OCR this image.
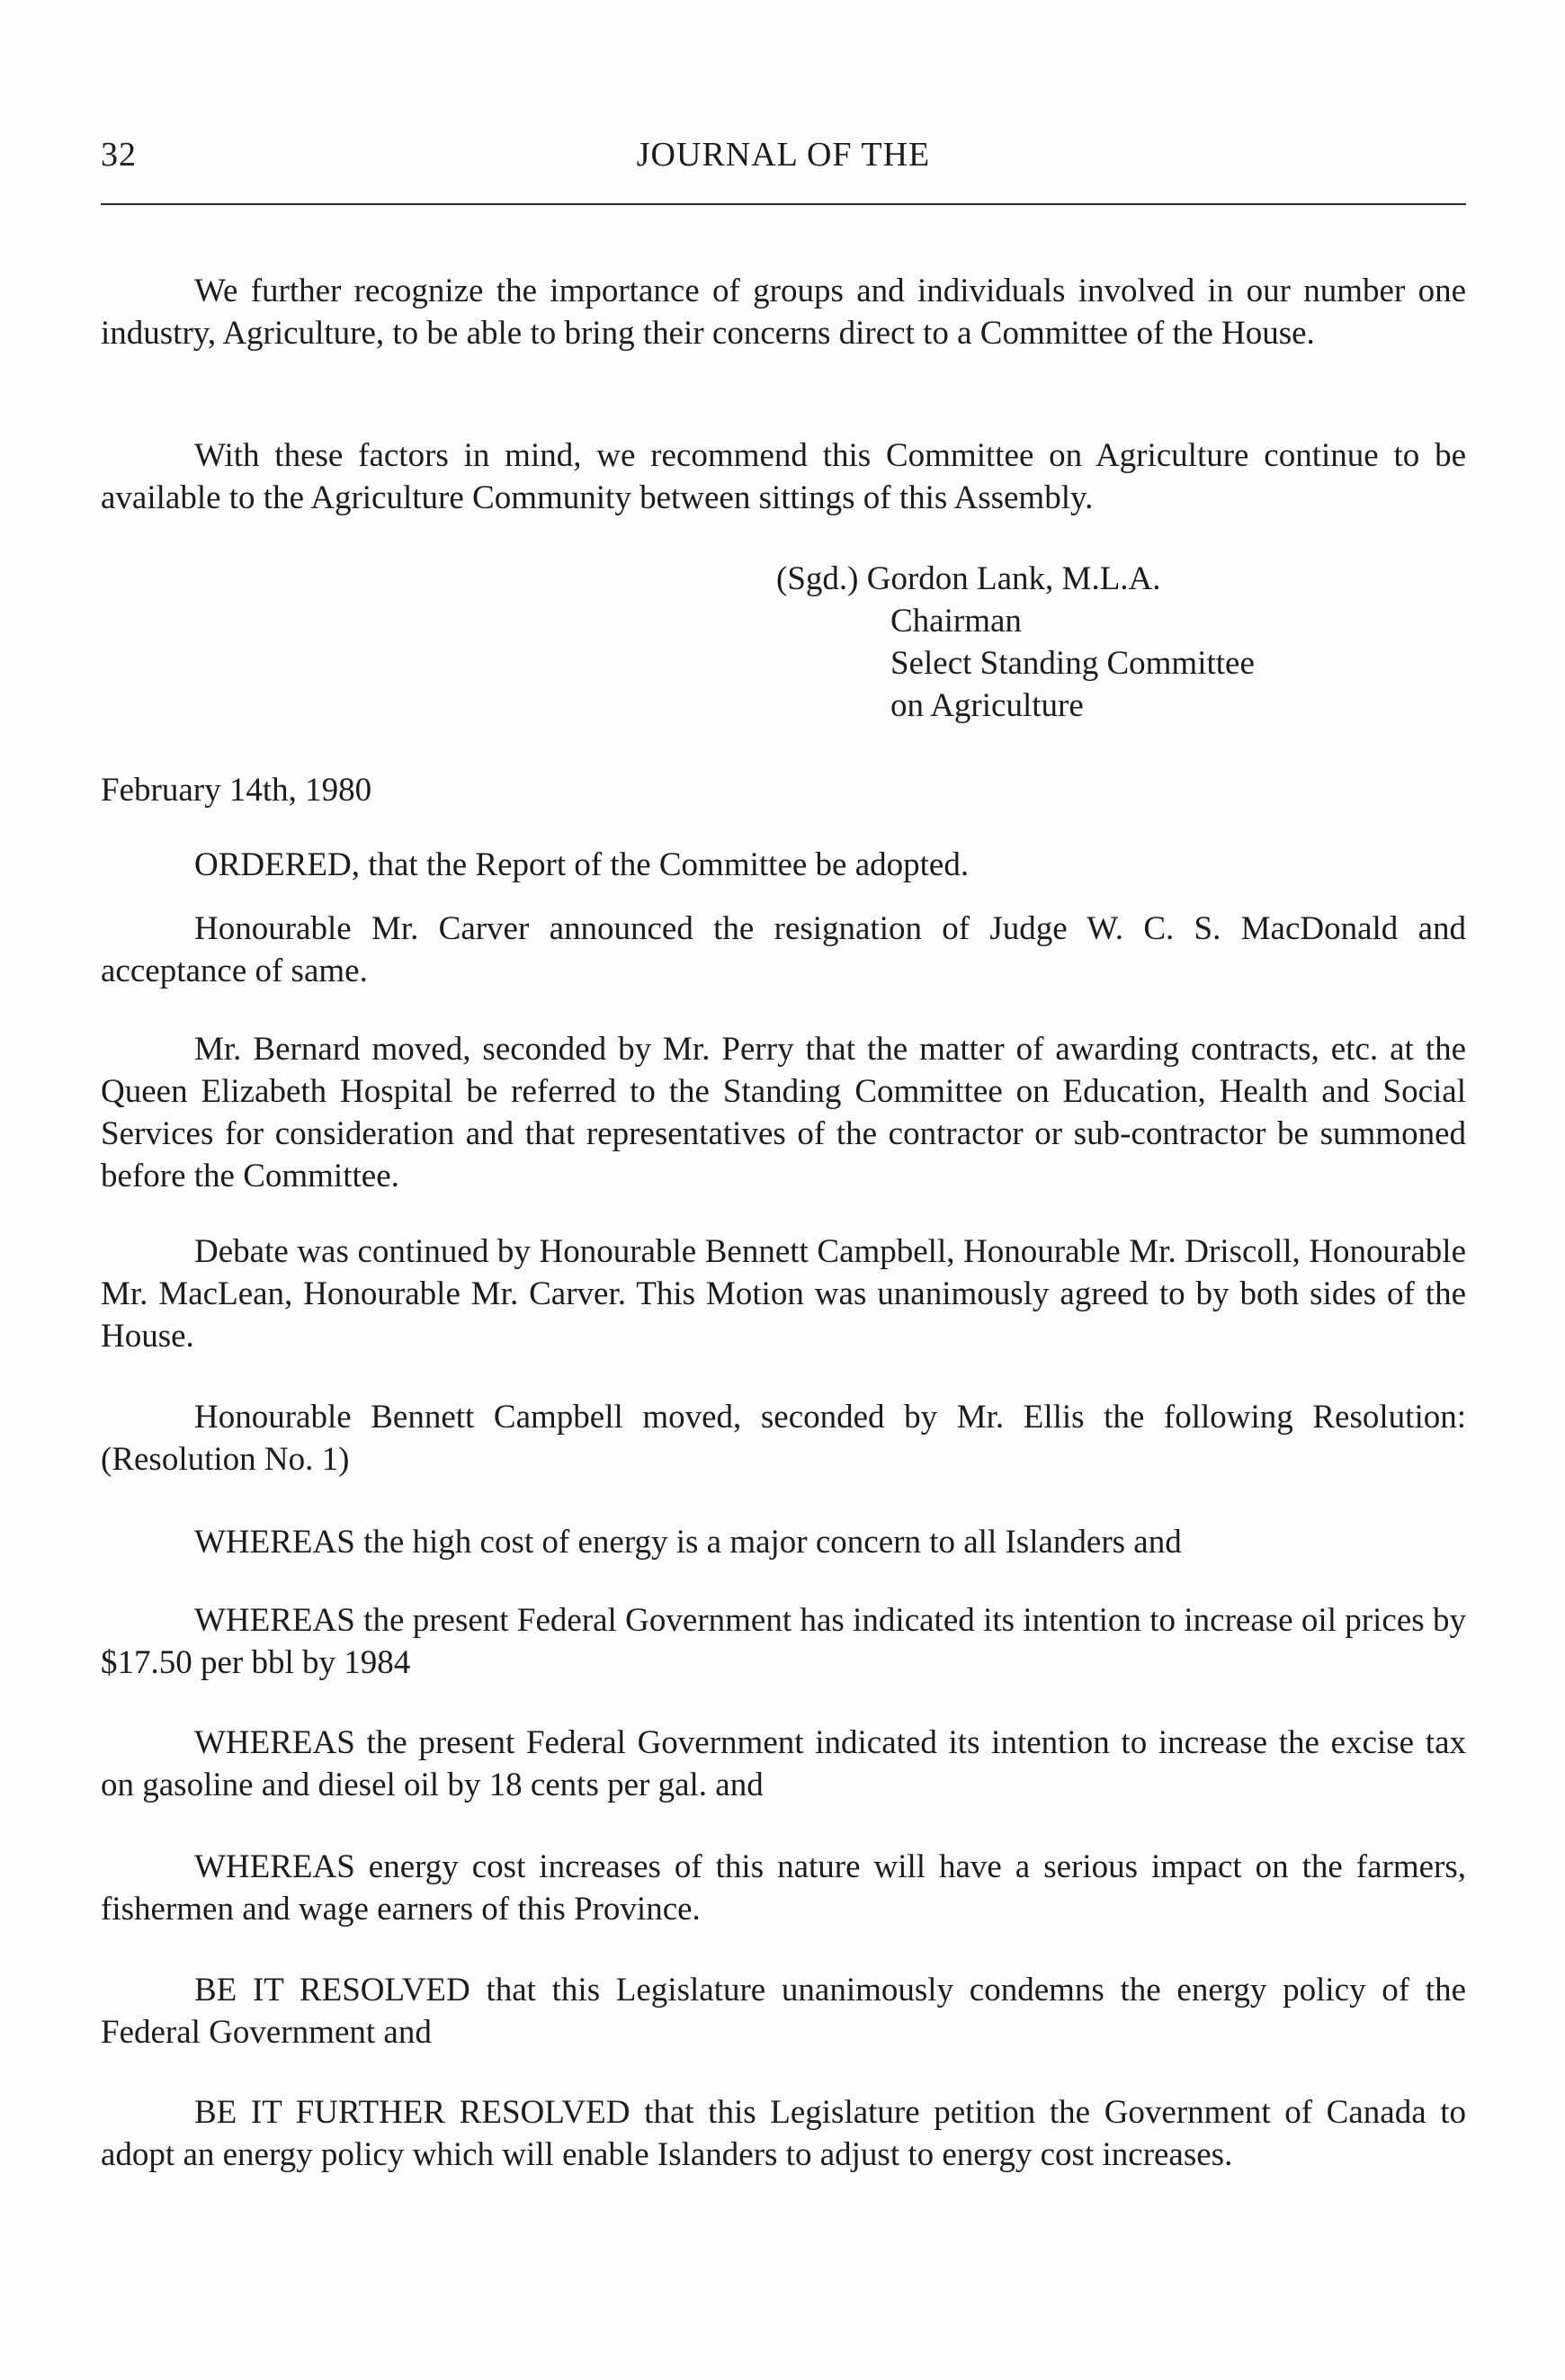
32	JOURNAL OF THE

We further recognize the importance of groups and individuals involved in our number one industry, Agriculture, to be able to bring their concerns direct to a Committee of the House.

With these factors in mind, we recommend this Committee on Agriculture continue to be available to the Agriculture Community between sittings of this Assembly.

(Sgd.) Gordon Lank, M.L.A.
Chairman
Select Standing Committee
on Agriculture
February 14th, 1980

ORDERED, that the Report of the Committee be adopted.

Honourable Mr. Carver announced the resignation of Judge W. C. S. MacDonald and acceptance of same.

Mr. Bernard moved, seconded by Mr. Perry that the matter of awarding contracts, etc. at the Queen Elizabeth Hospital be referred to the Standing Committee on Education, Health and Social Services for consideration and that representatives of the contractor or sub-contractor be summoned before the Committee.

Debate was continued by Honourable Bennett Campbell, Honourable Mr. Driscoll, Honourable Mr. MacLean, Honourable Mr. Carver. This Motion was unanimously agreed to by both sides of the House.

Honourable Bennett Campbell moved, seconded by Mr. Ellis the following Resolution: (Resolution No. 1)

WHEREAS the high cost of energy is a major concern to all Islanders and

WHEREAS the present Federal Government has indicated its intention to increase oil prices by $17.50 per bbl by 1984

WHEREAS the present Federal Government indicated its intention to increase the excise tax on gasoline and diesel oil by 18 cents per gal. and

WHEREAS energy cost increases of this nature will have a serious impact on the farmers, fishermen and wage earners of this Province.

BE IT RESOLVED that this Legislature unanimously condemns the energy policy of the Federal Government and

BE IT FURTHER RESOLVED that this Legislature petition the Government of Canada to adopt an energy policy which will enable Islanders to adjust to energy cost increases.
